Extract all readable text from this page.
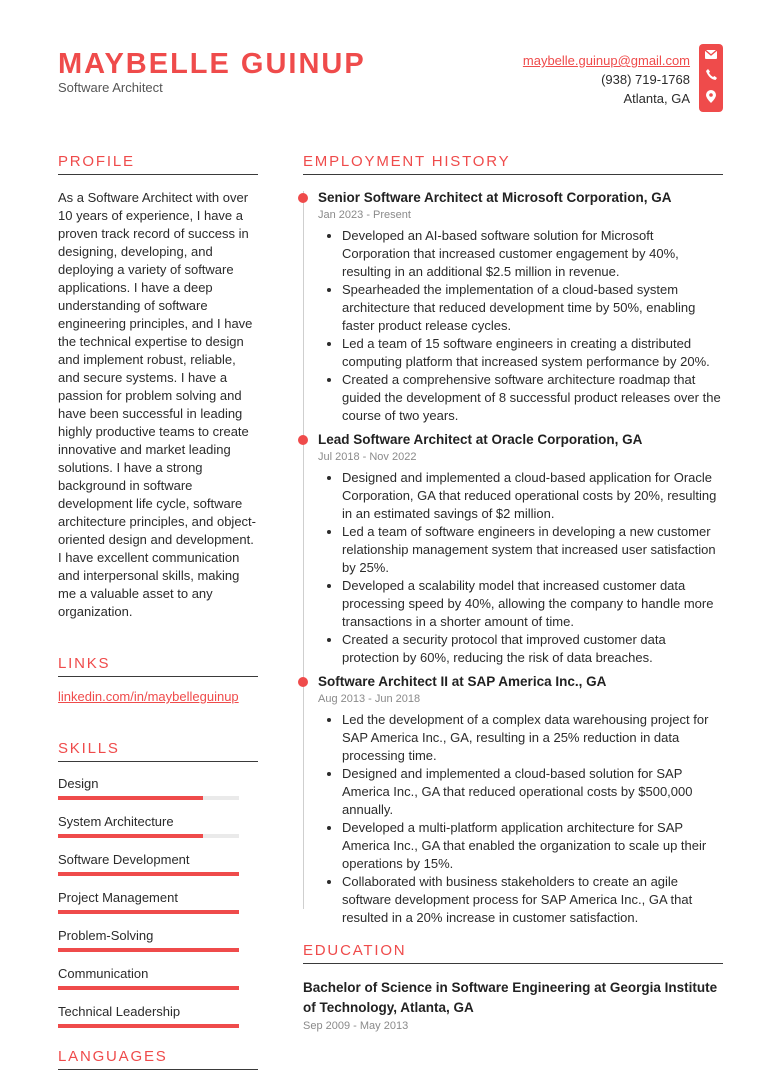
MAYBELLE GUINUP
Software Architect
maybelle.guinup@gmail.com
(938) 719-1768
Atlanta, GA
PROFILE
As a Software Architect with over 10 years of experience, I have a proven track record of success in designing, developing, and deploying a variety of software applications. I have a deep understanding of software engineering principles, and I have the technical expertise to design and implement robust, reliable, and secure systems. I have a passion for problem solving and have been successful in leading highly productive teams to create innovative and market leading solutions. I have a strong background in software development life cycle, software architecture principles, and object-oriented design and development. I have excellent communication and interpersonal skills, making me a valuable asset to any organization.
LINKS
linkedin.com/in/maybelleguinup
SKILLS
Design
System Architecture
Software Development
Project Management
Problem-Solving
Communication
Technical Leadership
LANGUAGES
EMPLOYMENT HISTORY
Senior Software Architect at Microsoft Corporation, GA
Jan 2023 - Present
• Developed an AI-based software solution for Microsoft Corporation that increased customer engagement by 40%, resulting in an additional $2.5 million in revenue.
• Spearheaded the implementation of a cloud-based system architecture that reduced development time by 50%, enabling faster product release cycles.
• Led a team of 15 software engineers in creating a distributed computing platform that increased system performance by 20%.
• Created a comprehensive software architecture roadmap that guided the development of 8 successful product releases over the course of two years.
Lead Software Architect at Oracle Corporation, GA
Jul 2018 - Nov 2022
• Designed and implemented a cloud-based application for Oracle Corporation, GA that reduced operational costs by 20%, resulting in an estimated savings of $2 million.
• Led a team of software engineers in developing a new customer relationship management system that increased user satisfaction by 25%.
• Developed a scalability model that increased customer data processing speed by 40%, allowing the company to handle more transactions in a shorter amount of time.
• Created a security protocol that improved customer data protection by 60%, reducing the risk of data breaches.
Software Architect II at SAP America Inc., GA
Aug 2013 - Jun 2018
• Led the development of a complex data warehousing project for SAP America Inc., GA, resulting in a 25% reduction in data processing time.
• Designed and implemented a cloud-based solution for SAP America Inc., GA that reduced operational costs by $500,000 annually.
• Developed a multi-platform application architecture for SAP America Inc., GA that enabled the organization to scale up their operations by 15%.
• Collaborated with business stakeholders to create an agile software development process for SAP America Inc., GA that resulted in a 20% increase in customer satisfaction.
EDUCATION
Bachelor of Science in Software Engineering at Georgia Institute of Technology, Atlanta, GA
Sep 2009 - May 2013
